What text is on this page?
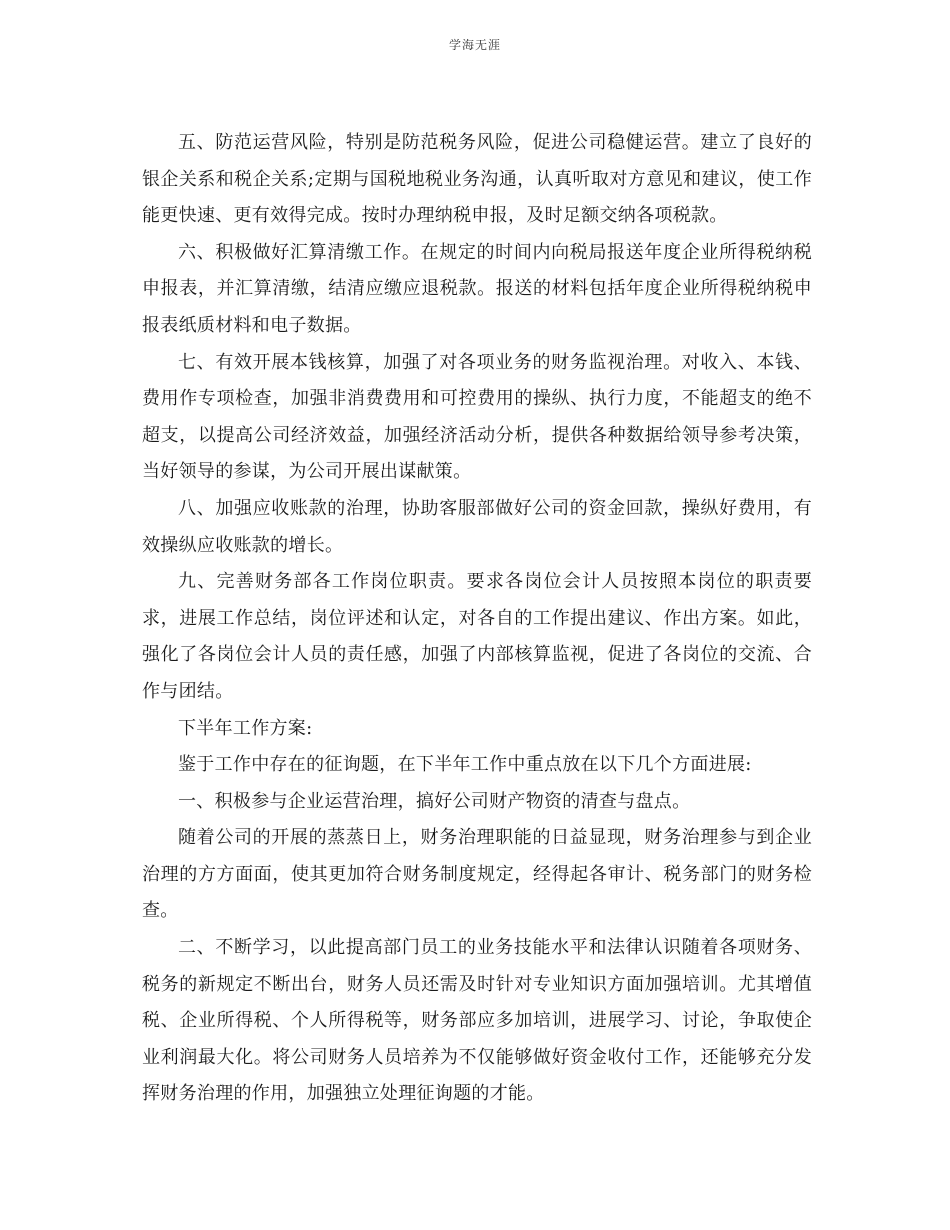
学海无涯

五、防范运营风险，特别是防范税务风险，促进公司稳健运营。建立了良好的银企关系和税企关系;定期与国税地税业务沟通，认真听取对方意见和建议，使工作能更快速、更有效得完成。按时办理纳税申报，及时足额交纳各项税款。

六、积极做好汇算清缴工作。在规定的时间内向税局报送年度企业所得税纳税申报表，并汇算清缴，结清应缴应退税款。报送的材料包括年度企业所得税纳税申报表纸质材料和电子数据。

七、有效开展本钱核算，加强了对各项业务的财务监视治理。对收入、本钱、费用作专项检查，加强非消费费用和可控费用的操纵、执行力度，不能超支的绝不超支，以提高公司经济效益，加强经济活动分析，提供各种数据给领导参考决策，当好领导的参谋，为公司开展出谋献策。

八、加强应收账款的治理，协助客服部做好公司的资金回款，操纵好费用，有效操纵应收账款的增长。

九、完善财务部各工作岗位职责。要求各岗位会计人员按照本岗位的职责要求，进展工作总结，岗位评述和认定，对各自的工作提出建议、作出方案。如此，强化了各岗位会计人员的责任感，加强了内部核算监视，促进了各岗位的交流、合作与团结。

下半年工作方案:

鉴于工作中存在的征询题，在下半年工作中重点放在以下几个方面进展:

一、积极参与企业运营治理，搞好公司财产物资的清查与盘点。

随着公司的开展的蒸蒸日上，财务治理职能的日益显现，财务治理参与到企业治理的方方面面，使其更加符合财务制度规定，经得起各审计、税务部门的财务检查。

二、不断学习，以此提高部门员工的业务技能水平和法律认识随着各项财务、税务的新规定不断出台，财务人员还需及时针对专业知识方面加强培训。尤其增值税、企业所得税、个人所得税等，财务部应多加培训，进展学习、讨论，争取使企业利润最大化。将公司财务人员培养为不仅能够做好资金收付工作，还能够充分发挥财务治理的作用，加强独立处理征询题的才能。
